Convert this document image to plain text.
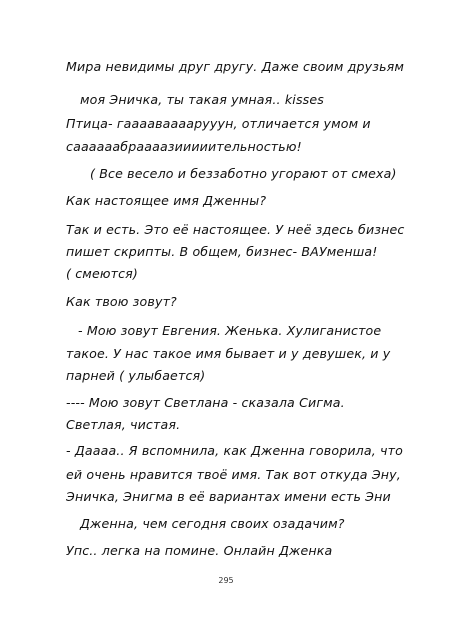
Мира невидимы друг другу. Даже своим друзьям
моя Эничка, ты такая умная.. kisses
Птица- гааааваааарууун, отличается умом и
саааааабраааазииииительностью!
( Все весело и беззаботно угорают от смеха)
Как настоящее имя Дженны?
Так и есть. Это её настоящее. У неё здесь бизнес
пишет скрипты. В общем, бизнес- ВАУменша!
( смеются)
Как твою зовут?
- Мою зовут Евгения. Женька. Хулиганистое
такое. У нас такое имя бывает и у девушек, и у
парней ( улыбается)
---- Мою зовут Светлана - сказала Сигма.
Светлая, чистая.
- Даааа.. Я вспомнила, как Дженна говорила, что
ей очень нравится твоё имя. Так вот откуда Эну,
Эничка, Энигма в её вариантах имени есть Эни
Дженна, чем сегодня своих озадачим?
Упс.. легка на помине. Онлайн Дженка
295
